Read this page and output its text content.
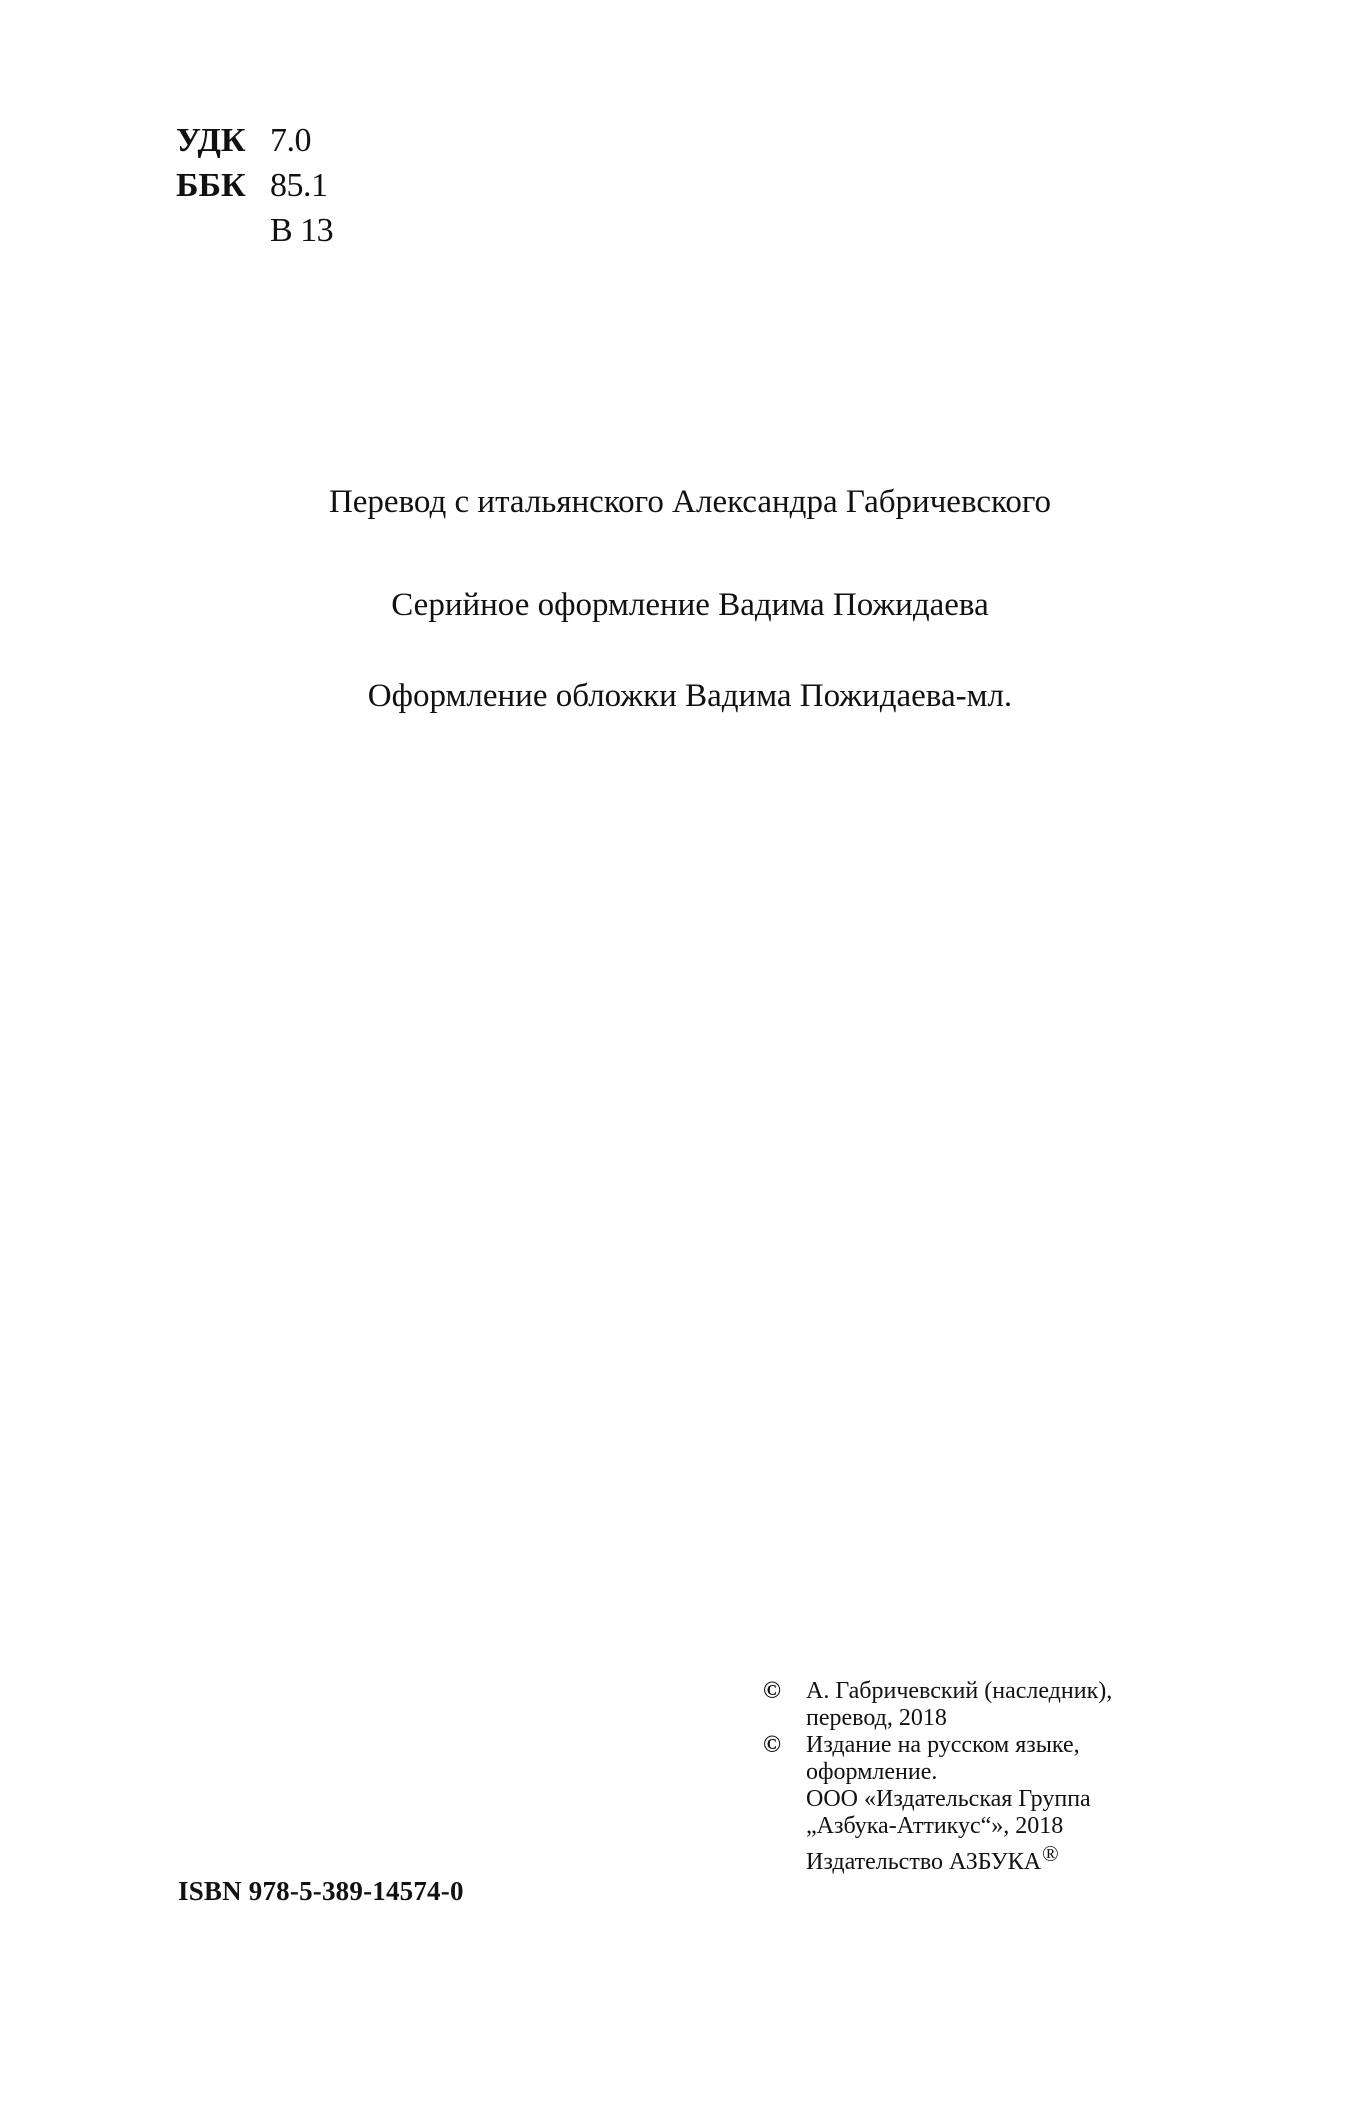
УДК 7.0
ББК 85.1
В 13
Перевод с итальянского Александра Габричевского
Серийное оформление Вадима Пожидаева
Оформление обложки Вадима Пожидаева-мл.
ISBN 978-5-389-14574-0
© А. Габричевский (наследник),
перевод, 2018
© Издание на русском языке,
оформление.
ООО «Издательская Группа
„Азбука-Аттикус“», 2018
Издательство АЗБУКА®
